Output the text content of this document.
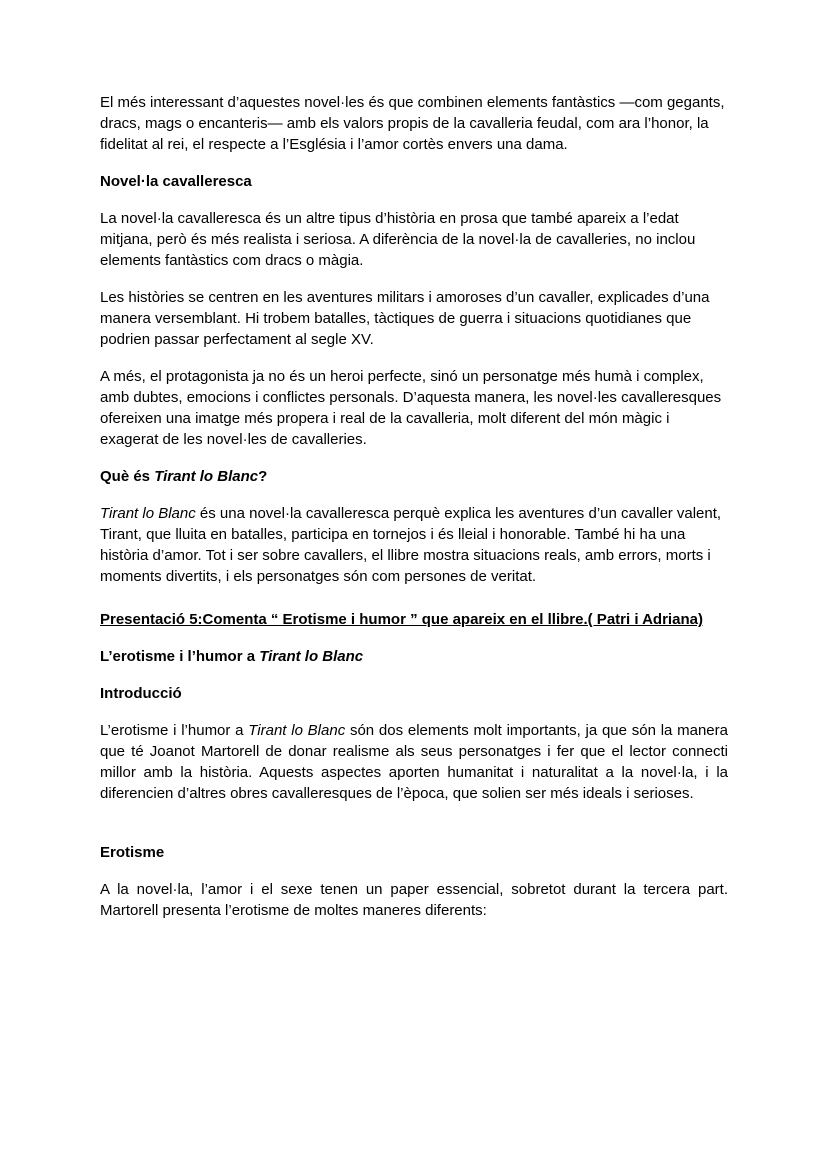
El més interessant d’aquestes novel·les és que combinen elements fantàstics —com gegants, dracs, mags o encanteris— amb els valors propis de la cavalleria feudal, com ara l’honor, la fidelitat al rei, el respecte a l’Església i l’amor cortès envers una dama.

Novel·la cavalleresca

La novel·la cavalleresca és un altre tipus d’història en prosa que també apareix a l’edat mitjana, però és més realista i seriosa. A diferència de la novel·la de cavalleries, no inclou elements fantàstics com dracs o màgia.

Les històries se centren en les aventures militars i amoroses d’un cavaller, explicades d’una manera versemblant. Hi trobem batalles, tàctiques de guerra i situacions quotidianes que podrien passar perfectament al segle XV.

A més, el protagonista ja no és un heroi perfecte, sinó un personatge més humà i complex, amb dubtes, emocions i conflictes personals. D’aquesta manera, les novel·les cavalleresques ofereixen una imatge més propera i real de la cavalleria, molt diferent del món màgic i exagerat de les novel·les de cavalleries.

Què és Tirant lo Blanc?

Tirant lo Blanc és una novel·la cavalleresca perquè explica les aventures d’un cavaller valent, Tirant, que lluita en batalles, participa en tornejos i és lleial i honorable. També hi ha una història d’amor. Tot i ser sobre cavallers, el llibre mostra situacions reals, amb errors, morts i moments divertits, i els personatges són com persones de veritat.

Presentació 5:Comenta “ Erotisme i humor ” que apareix en el llibre.( Patri i Adriana)

L’erotisme i l’humor a Tirant lo Blanc

Introducció

L’erotisme i l’humor a Tirant lo Blanc són dos elements molt importants, ja que són la manera que té Joanot Martorell de donar realisme als seus personatges i fer que el lector connecti millor amb la història. Aquests aspectes aporten humanitat i naturalitat a la novel·la, i la diferencien d’altres obres cavalleresques de l’època, que solien ser més ideals i serioses.

Erotisme

A la novel·la, l’amor i el sexe tenen un paper essencial, sobretot durant la tercera part. Martorell presenta l’erotisme de moltes maneres diferents:
